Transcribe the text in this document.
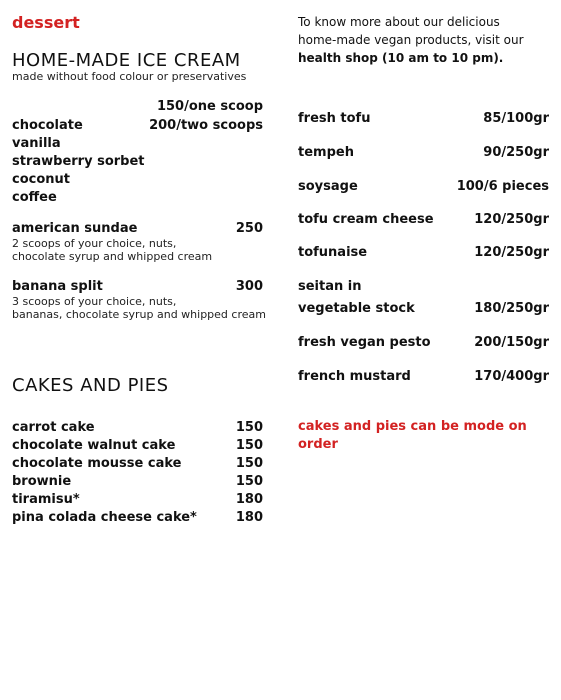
dessert
HOME-MADE ICE CREAM
made without food colour or preservatives
150/one scoop
200/two scoops
chocolate
vanilla
strawberry sorbet
coconut
coffee
american sundae	250
2 scoops of your choice, nuts,
chocolate syrup and whipped cream
banana split	300
3 scoops of your choice, nuts,
bananas, chocolate syrup and whipped cream
CAKES AND PIES
carrot cake	150
chocolate walnut cake	150
chocolate mousse cake	150
brownie	150
tiramisu*	180
pina colada cheese cake*	180
To know more about our delicious
home-made vegan products, visit our
health shop (10 am to 10 pm).
fresh tofu	85/100gr
tempeh	90/250gr
soysage	100/6 pieces
tofu cream cheese	120/250gr
tofunaise	120/250gr
seitan in
vegetable stock	180/250gr
fresh vegan pesto	200/150gr
french mustard	170/400gr
cakes and pies can be mode on order
